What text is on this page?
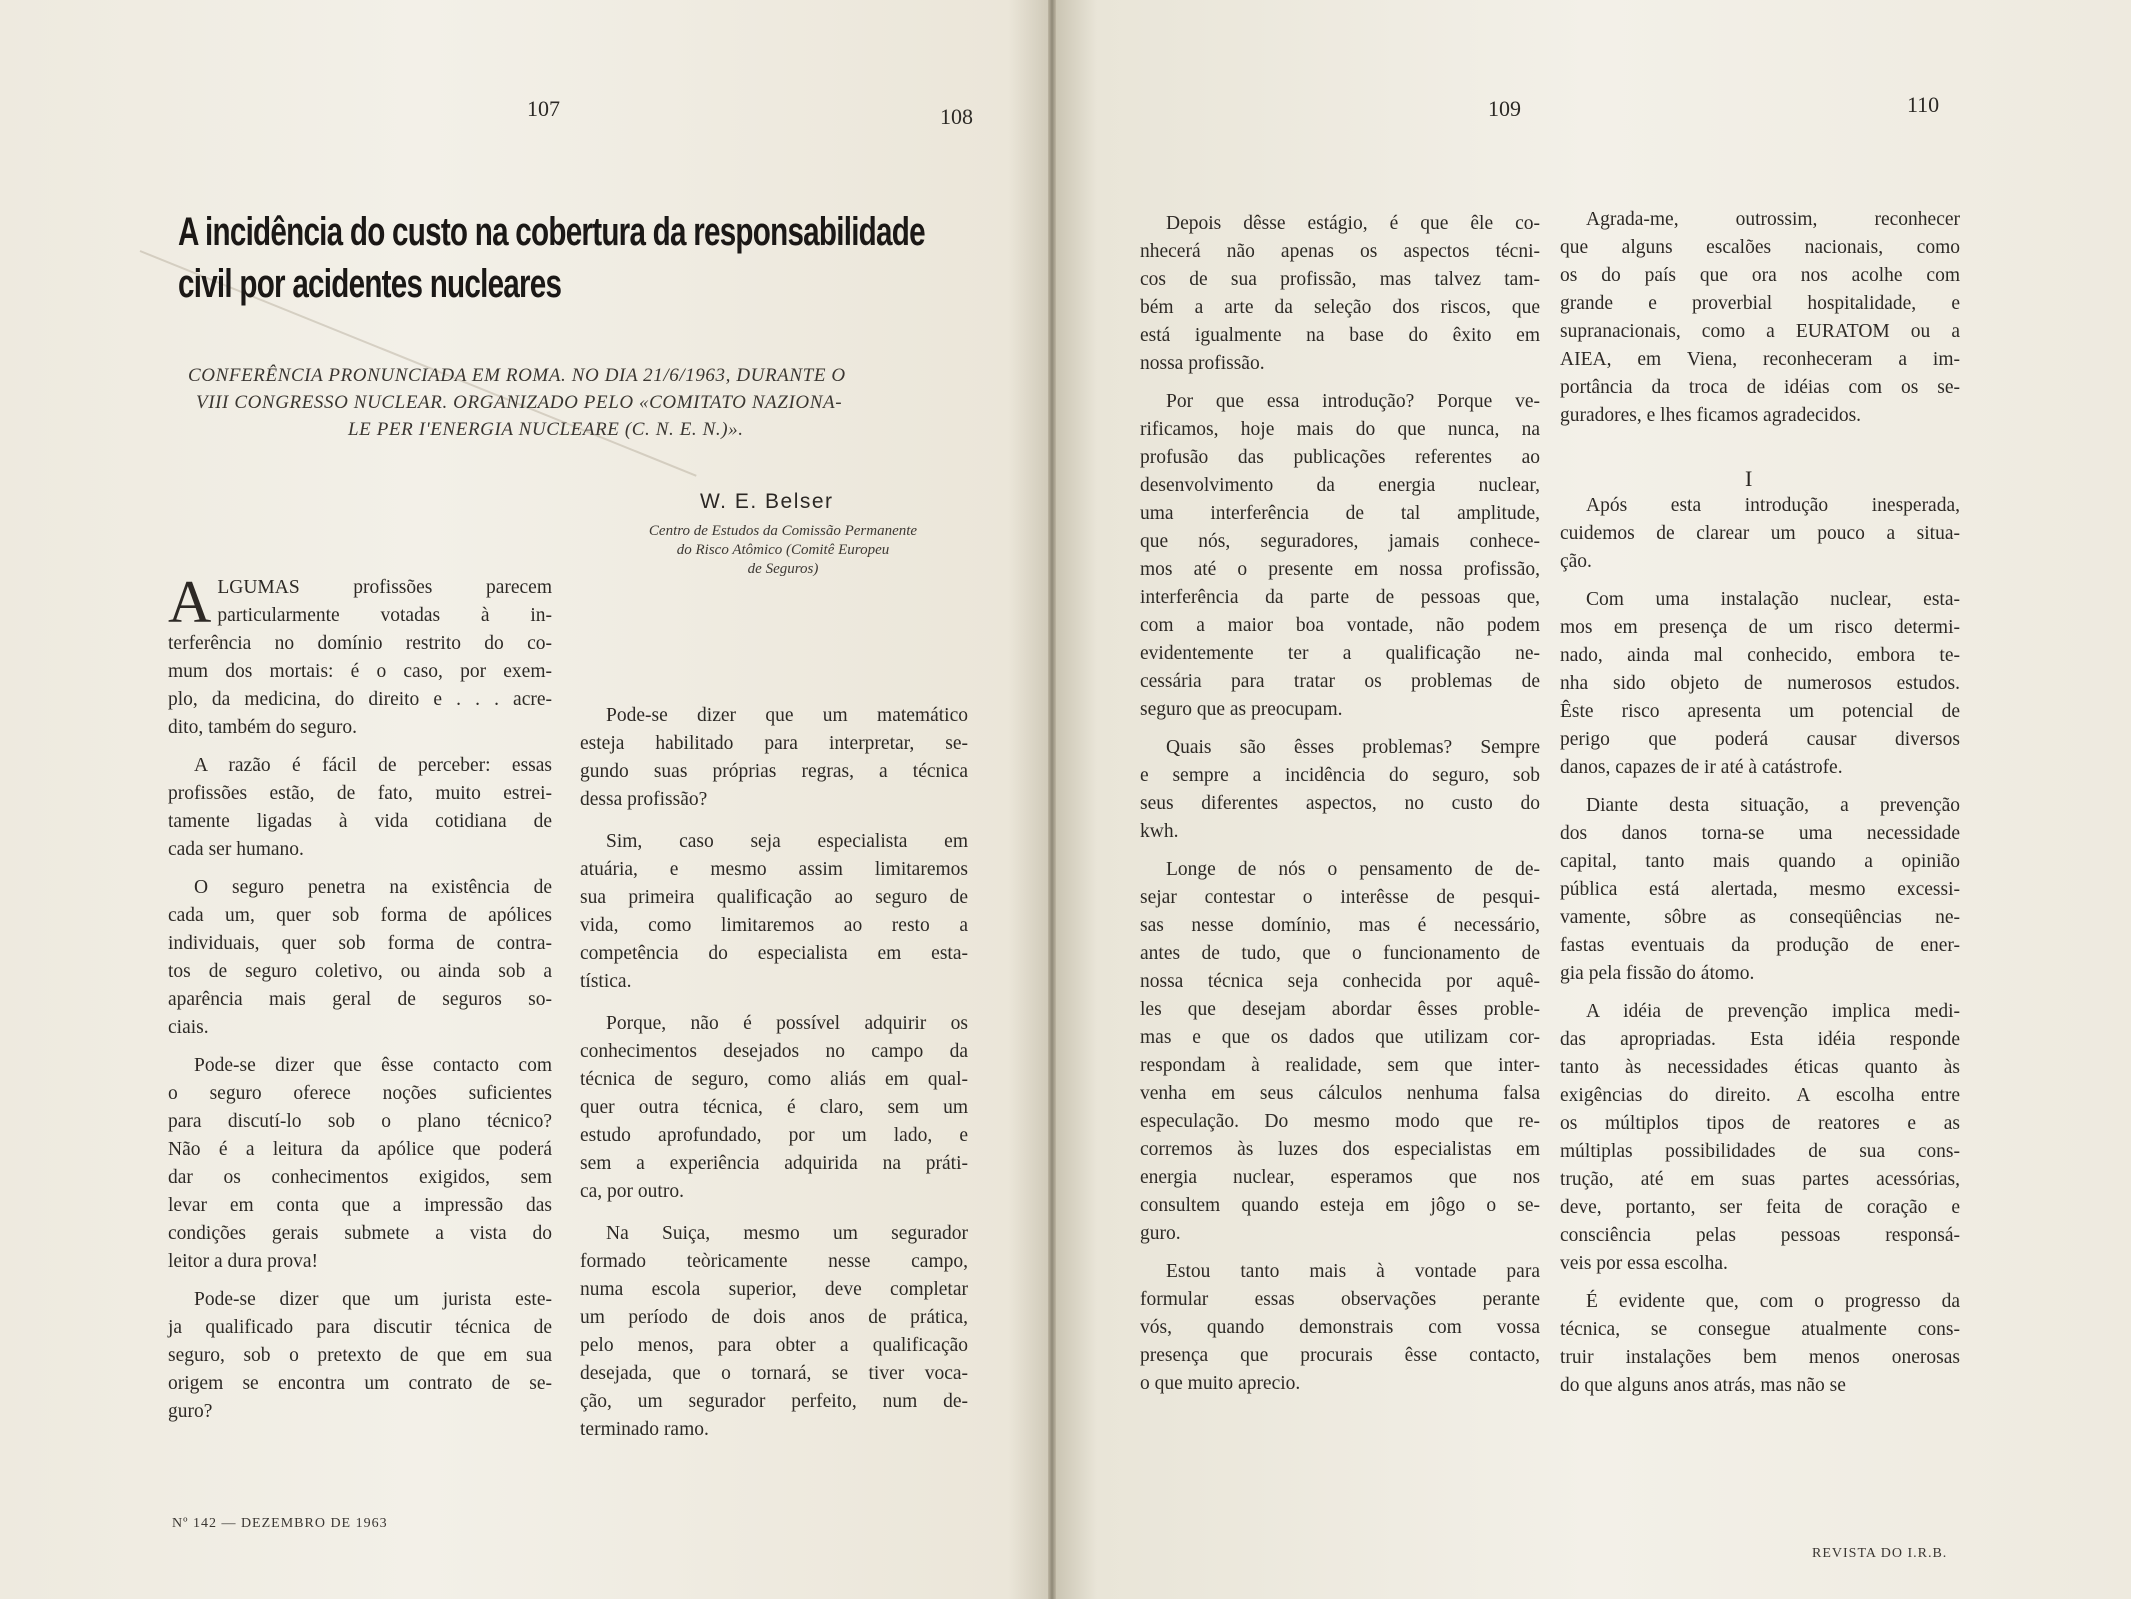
107	108	109	110
A incidência do custo na cobertura da responsabilidade
civil por acidentes nucleares
CONFERÊNCIA PRONUNCIADA EM ROMA. NO DIA 21/6/1963, DURANTE O
VIII CONGRESSO NUCLEAR. ORGANIZADO PELO «COMITATO NAZIONA-
LE PER I'ENERGIA NUCLEARE (C. N. E. N.)».
W. E. Belser
Centro de Estudos da Comissão Permanente
do Risco Atômico (Comitê Europeu
de Seguros)

A LGUMAS profissões parecem
particularmente votadas à in-
terferência no domínio restrito do co-
mum dos mortais: é o caso, por exem-
plo, da medicina, do direito e . . . acre-
dito, também do seguro.

A razão é fácil de perceber: essas
profissões estão, de fato, muito estrei-
tamente ligadas à vida cotidiana de
cada ser humano.

O seguro penetra na existência de
cada um, quer sob forma de apólices
individuais, quer sob forma de contra-
tos de seguro coletivo, ou ainda sob a
aparência mais geral de seguros so-
ciais.

Pode-se dizer que êsse contacto com
o seguro oferece noções suficientes
para discutí-lo sob o plano técnico?
Não é a leitura da apólice que poderá
dar os conhecimentos exigidos, sem
levar em conta que a impressão das
condições gerais submete a vista do
leitor a dura prova!

Pode-se dizer que um jurista este-
ja qualificado para discutir técnica de
seguro, sob o pretexto de que em sua
origem se encontra um contrato de se-
guro?

Pode-se dizer que um matemático
esteja habilitado para interpretar, se-
gundo suas próprias regras, a técnica
dessa profissão?

Sim, caso seja especialista em
atuária, e mesmo assim limitaremos
sua primeira qualificação ao seguro de
vida, como limitaremos ao resto a
competência do especialista em esta-
tística.

Porque, não é possível adquirir os
conhecimentos desejados no campo da
técnica de seguro, como aliás em qual-
quer outra técnica, é claro, sem um
estudo aprofundado, por um lado, e
sem a experiência adquirida na práti-
ca, por outro.

Na Suiça, mesmo um segurador
formado teòricamente nesse campo,
numa escola superior, deve completar
um período de dois anos de prática,
pelo menos, para obter a qualificação
desejada, que o tornará, se tiver voca-
ção, um segurador perfeito, num de-
terminado ramo.

Depois dêsse estágio, é que êle co-
nhecerá não apenas os aspectos técni-
cos de sua profissão, mas talvez tam-
bém a arte da seleção dos riscos, que
está igualmente na base do êxito em
nossa profissão.

Por que essa introdução? Porque ve-
rificamos, hoje mais do que nunca, na
profusão das publicações referentes ao
desenvolvimento da energia nuclear,
uma interferência de tal amplitude,
que nós, seguradores, jamais conhece-
mos até o presente em nossa profissão,
interferência da parte de pessoas que,
com a maior boa vontade, não podem
evidentemente ter a qualificação ne-
cessária para tratar os problemas de
seguro que as preocupam.

Quais são êsses problemas? Sempre
e sempre a incidência do seguro, sob
seus diferentes aspectos, no custo do
kwh.

Longe de nós o pensamento de de-
sejar contestar o interêsse de pesqui-
sas nesse domínio, mas é necessário,
antes de tudo, que o funcionamento de
nossa técnica seja conhecida por aquê-
les que desejam abordar êsses proble-
mas e que os dados que utilizam cor-
respondam à realidade, sem que inter-
venha em seus cálculos nenhuma falsa
especulação. Do mesmo modo que re-
corremos às luzes dos especialistas em
energia nuclear, esperamos que nos
consultem quando esteja em jôgo o se-
guro.

Estou tanto mais à vontade para
formular essas observações perante
vós, quando demonstrais com vossa
presença que procurais êsse contacto,
o que muito aprecio.

I

Agrada-me, outrossim, reconhecer
que alguns escalões nacionais, como
os do país que ora nos acolhe com
grande e proverbial hospitalidade, e
supranacionais, como a EURATOM ou a
AIEA, em Viena, reconheceram a im-
portância da troca de idéias com os se-
guradores, e lhes ficamos agradecidos.

Após esta introdução inesperada,
cuidemos de clarear um pouco a situa-
ção.

Com uma instalação nuclear, esta-
mos em presença de um risco determi-
nado, ainda mal conhecido, embora te-
nha sido objeto de numerosos estudos.
Êste risco apresenta um potencial de
perigo que poderá causar diversos
danos, capazes de ir até à catástrofe.

Diante desta situação, a prevenção
dos danos torna-se uma necessidade
capital, tanto mais quando a opinião
pública está alertada, mesmo excessi-
vamente, sôbre as conseqüências ne-
fastas eventuais da produção de ener-
gia pela fissão do átomo.

A idéia de prevenção implica medi-
das apropriadas. Esta idéia responde
tanto às necessidades éticas quanto às
exigências do direito. A escolha entre
os múltiplos tipos de reatores e as
múltiplas possibilidades de sua cons-
trução, até em suas partes acessórias,
deve, portanto, ser feita de coração e
consciência pelas pessoas responsá-
veis por essa escolha.

É evidente que, com o progresso da
técnica, se consegue atualmente cons-
truir instalações bem menos onerosas
do que alguns anos atrás, mas não se

Nº 142 — DEZEMBRO DE 1963
REVISTA DO I.R.B.
